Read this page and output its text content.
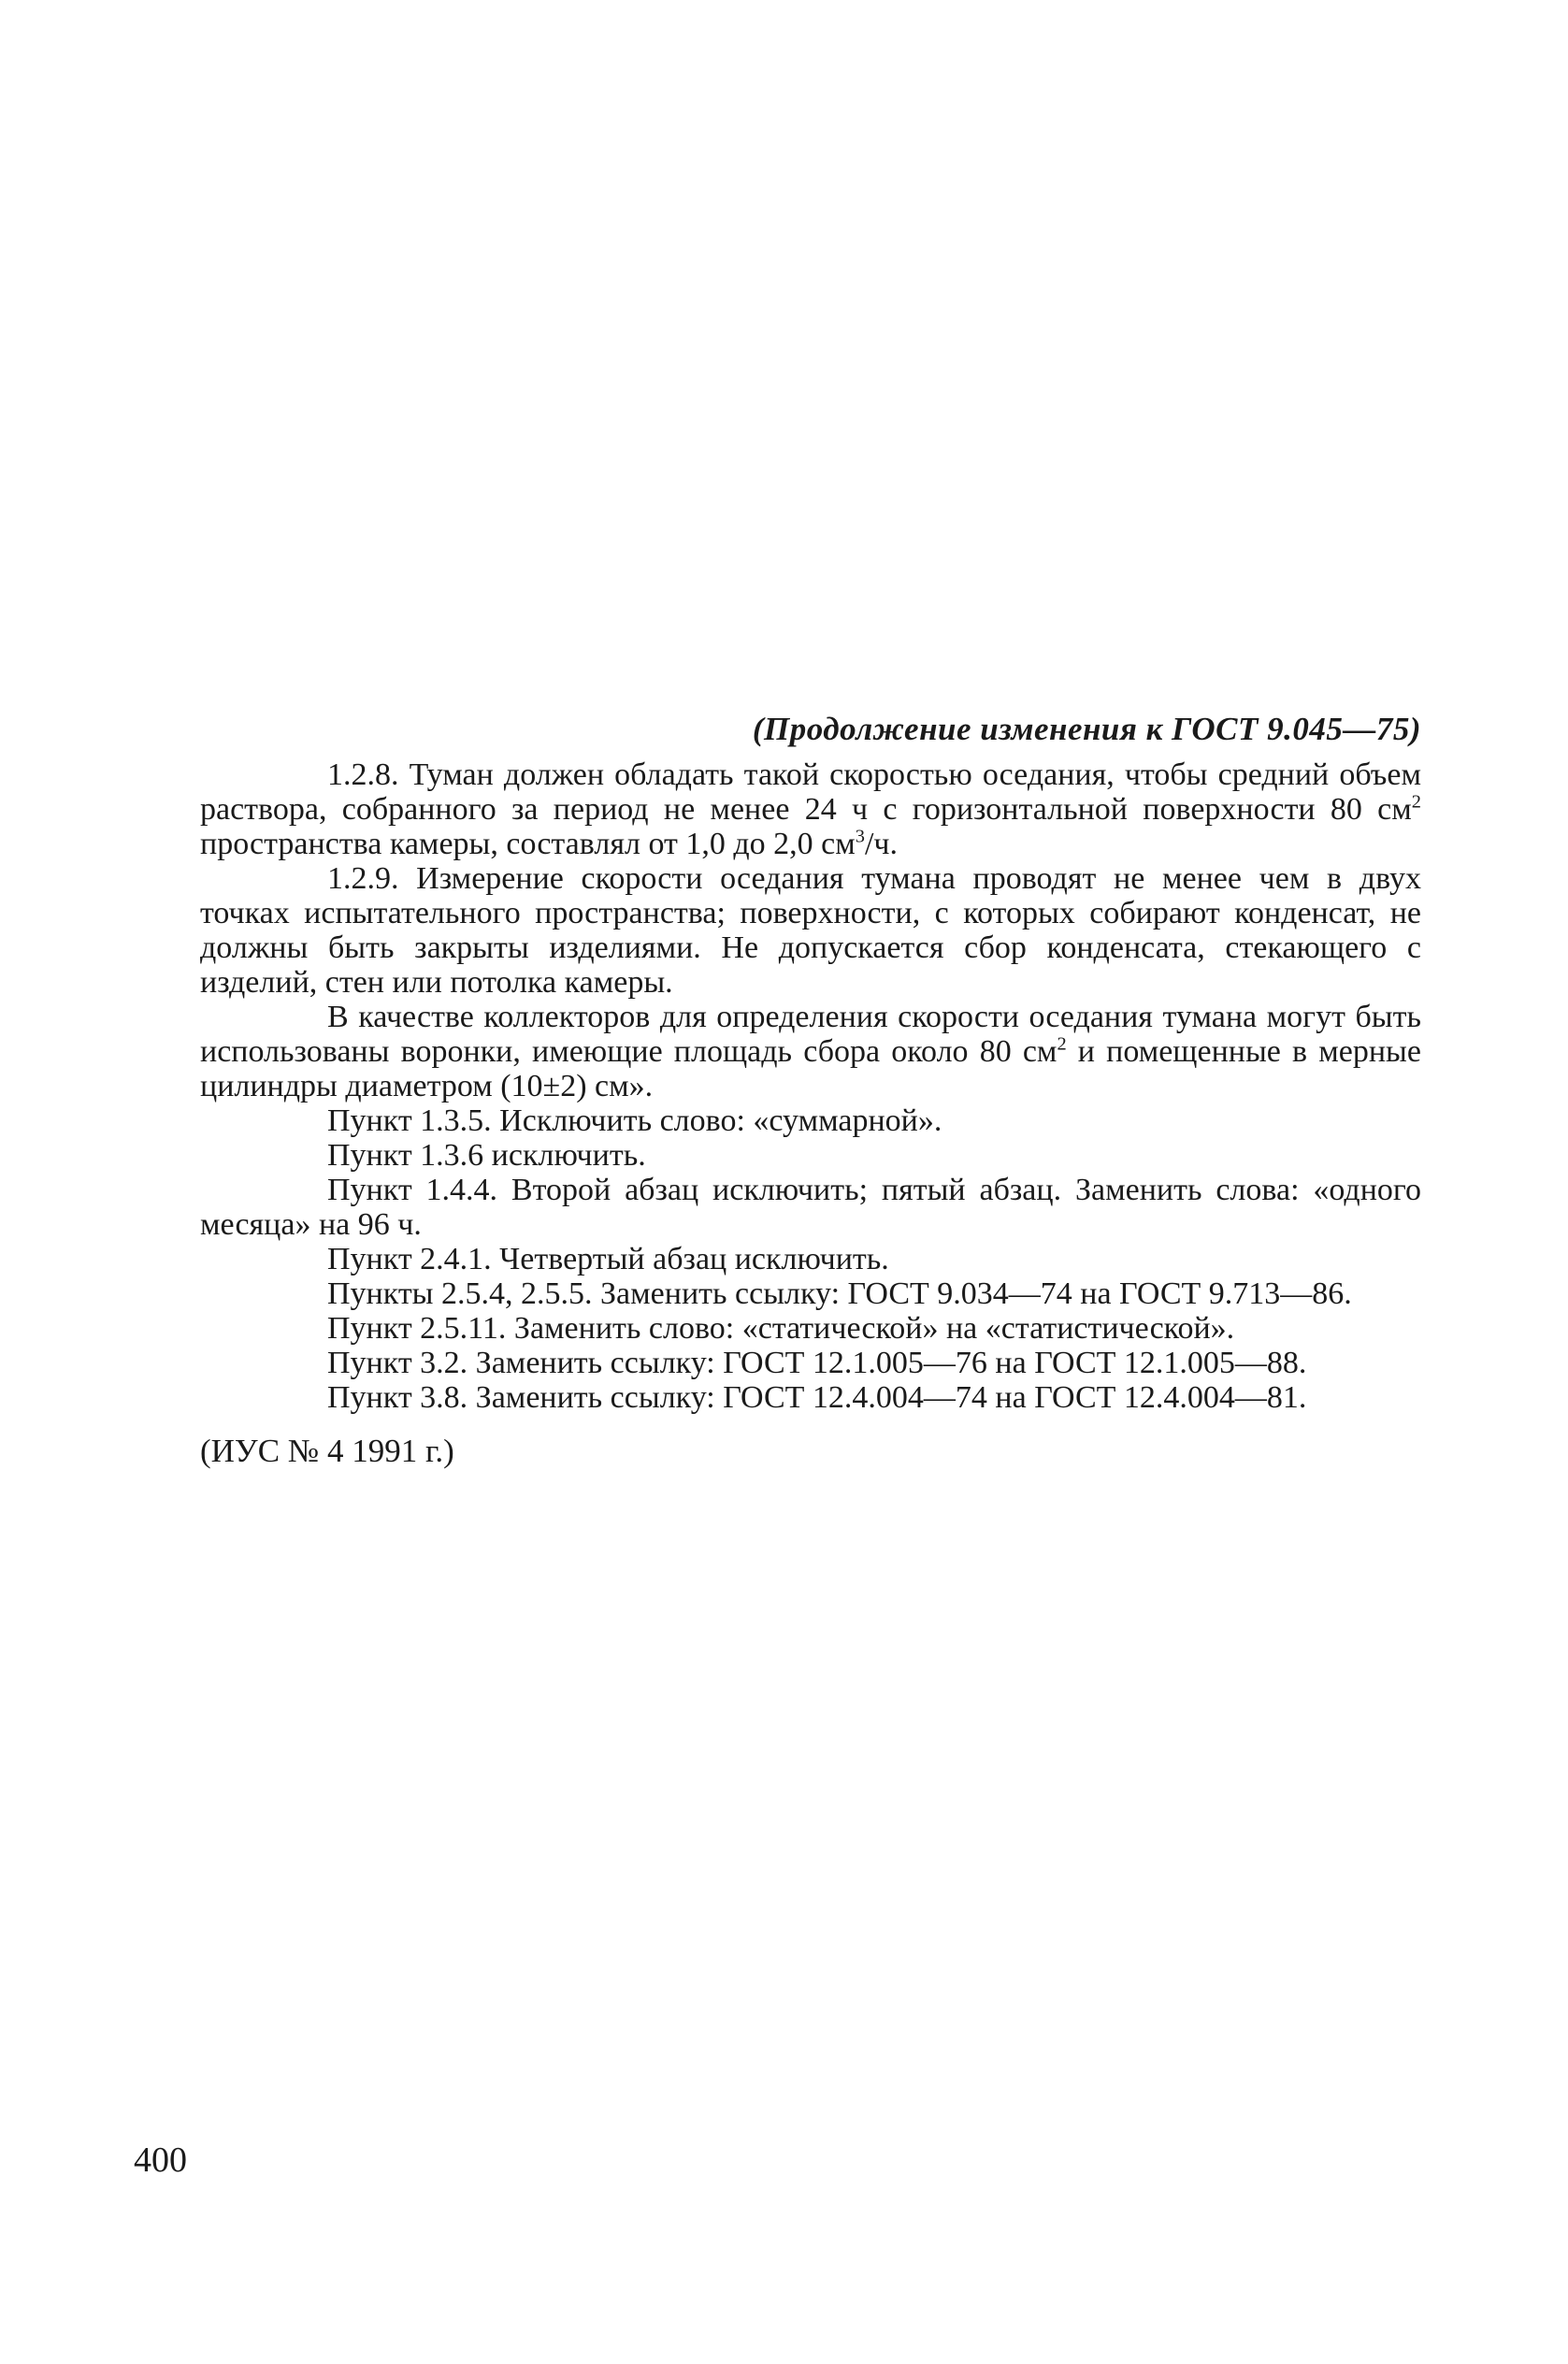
(Продолжение изменения к ГОСТ 9.045—75)

1.2.8. Туман должен обладать такой скоростью оседания, чтобы средний объем раствора, собранного за период не менее 24 ч с горизонтальной поверхности 80 $см^2$ пространства камеры, составлял от 1,0 до 2,0 $см^3/ч$.

1.2.9. Измерение скорости оседания тумана проводят не менее чем в двух точках испытательного пространства; поверхности, с которых собирают конденсат, не должны быть закрыты изделиями. Не допускается сбор конденсата, стекающего с изделий, стен или потолка камеры.

В качестве коллекторов для определения скорости оседания тумана могут быть использованы воронки, имеющие площадь сбора около 80 $см^2$ и помещенные в мерные цилиндры диаметром (10±2) см».

Пункт 1.3.5. Исключить слово: «суммарной».

Пункт 1.3.6 исключить.

Пункт 1.4.4. Второй абзац исключить; пятый абзац. Заменить слова: «одного месяца» на 96 ч.

Пункт 2.4.1. Четвертый абзац исключить.

Пункты 2.5.4, 2.5.5. Заменить ссылку: ГОСТ 9.034—74 на ГОСТ 9.713—86.

Пункт 2.5.11. Заменить слово: «статической» на «статистической».

Пункт 3.2. Заменить ссылку: ГОСТ 12.1.005—76 на ГОСТ 12.1.005—88.

Пункт 3.8. Заменить ссылку: ГОСТ 12.4.004—74 на ГОСТ 12.4.004—81.

(ИУС № 4 1991 г.)

400
